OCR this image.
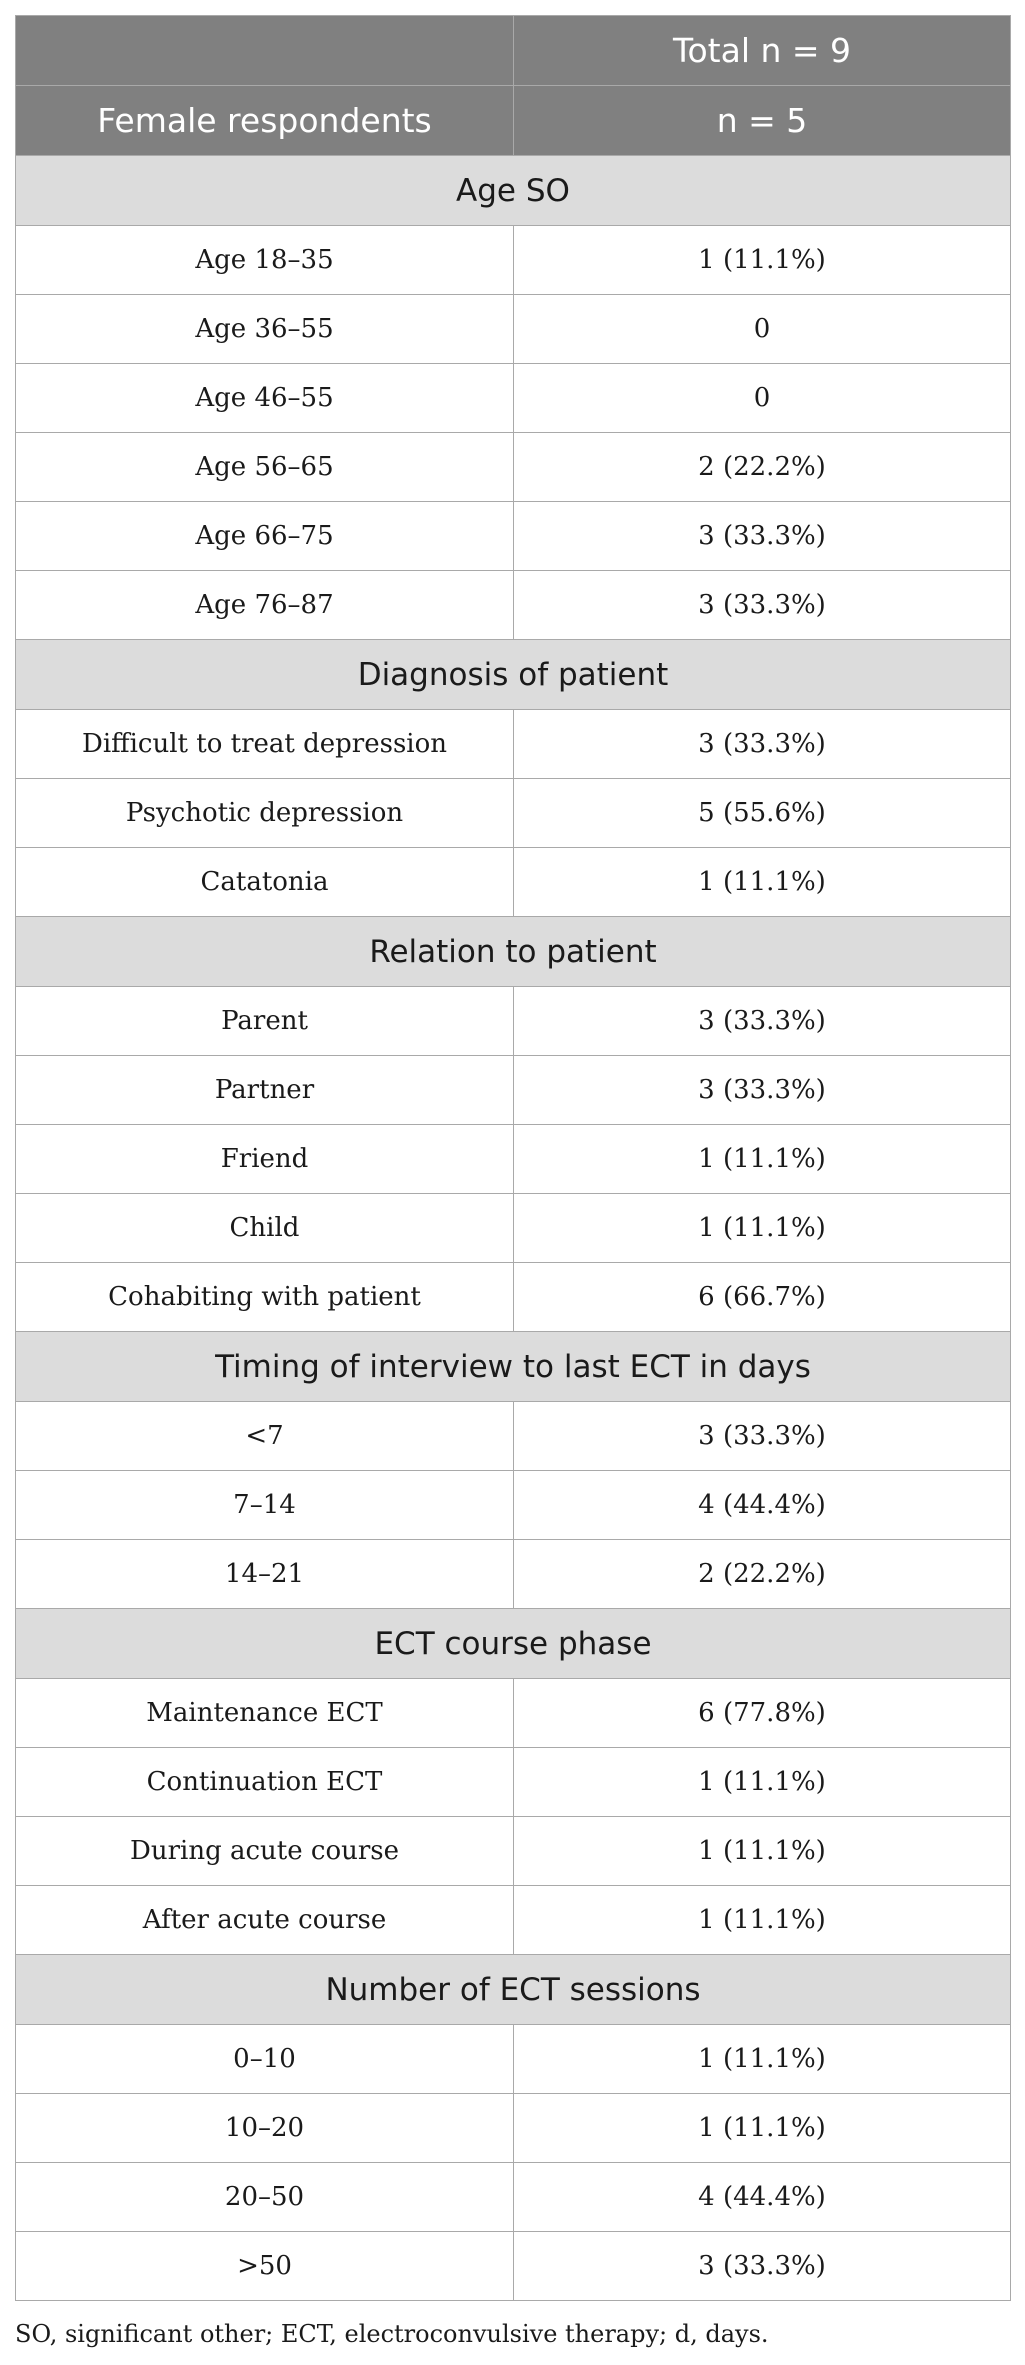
	Total n = 9
Female respondents	n = 5
Age SO	
Age 18–35	1 (11.1%)
Age 36–55	0
Age 46–55	0
Age 56–65	2 (22.2%)
Age 66–75	3 (33.3%)
Age 76–87	3 (33.3%)
Diagnosis of patient	
Difficult to treat depression	3 (33.3%)
Psychotic depression	5 (55.6%)
Catatonia	1 (11.1%)
Relation to patient	
Parent	3 (33.3%)
Partner	3 (33.3%)
Friend	1 (11.1%)
Child	1 (11.1%)
Cohabiting with patient	6 (66.7%)
Timing of interview to last ECT in days	
<7	3 (33.3%)
7–14	4 (44.4%)
14–21	2 (22.2%)
ECT course phase	
Maintenance ECT	6 (77.8%)
Continuation ECT	1 (11.1%)
During acute course	1 (11.1%)
After acute course	1 (11.1%)
Number of ECT sessions	
0–10	1 (11.1%)
10–20	1 (11.1%)
20–50	4 (44.4%)
>50	3 (33.3%)
SO, significant other; ECT, electroconvulsive therapy; d, days.
